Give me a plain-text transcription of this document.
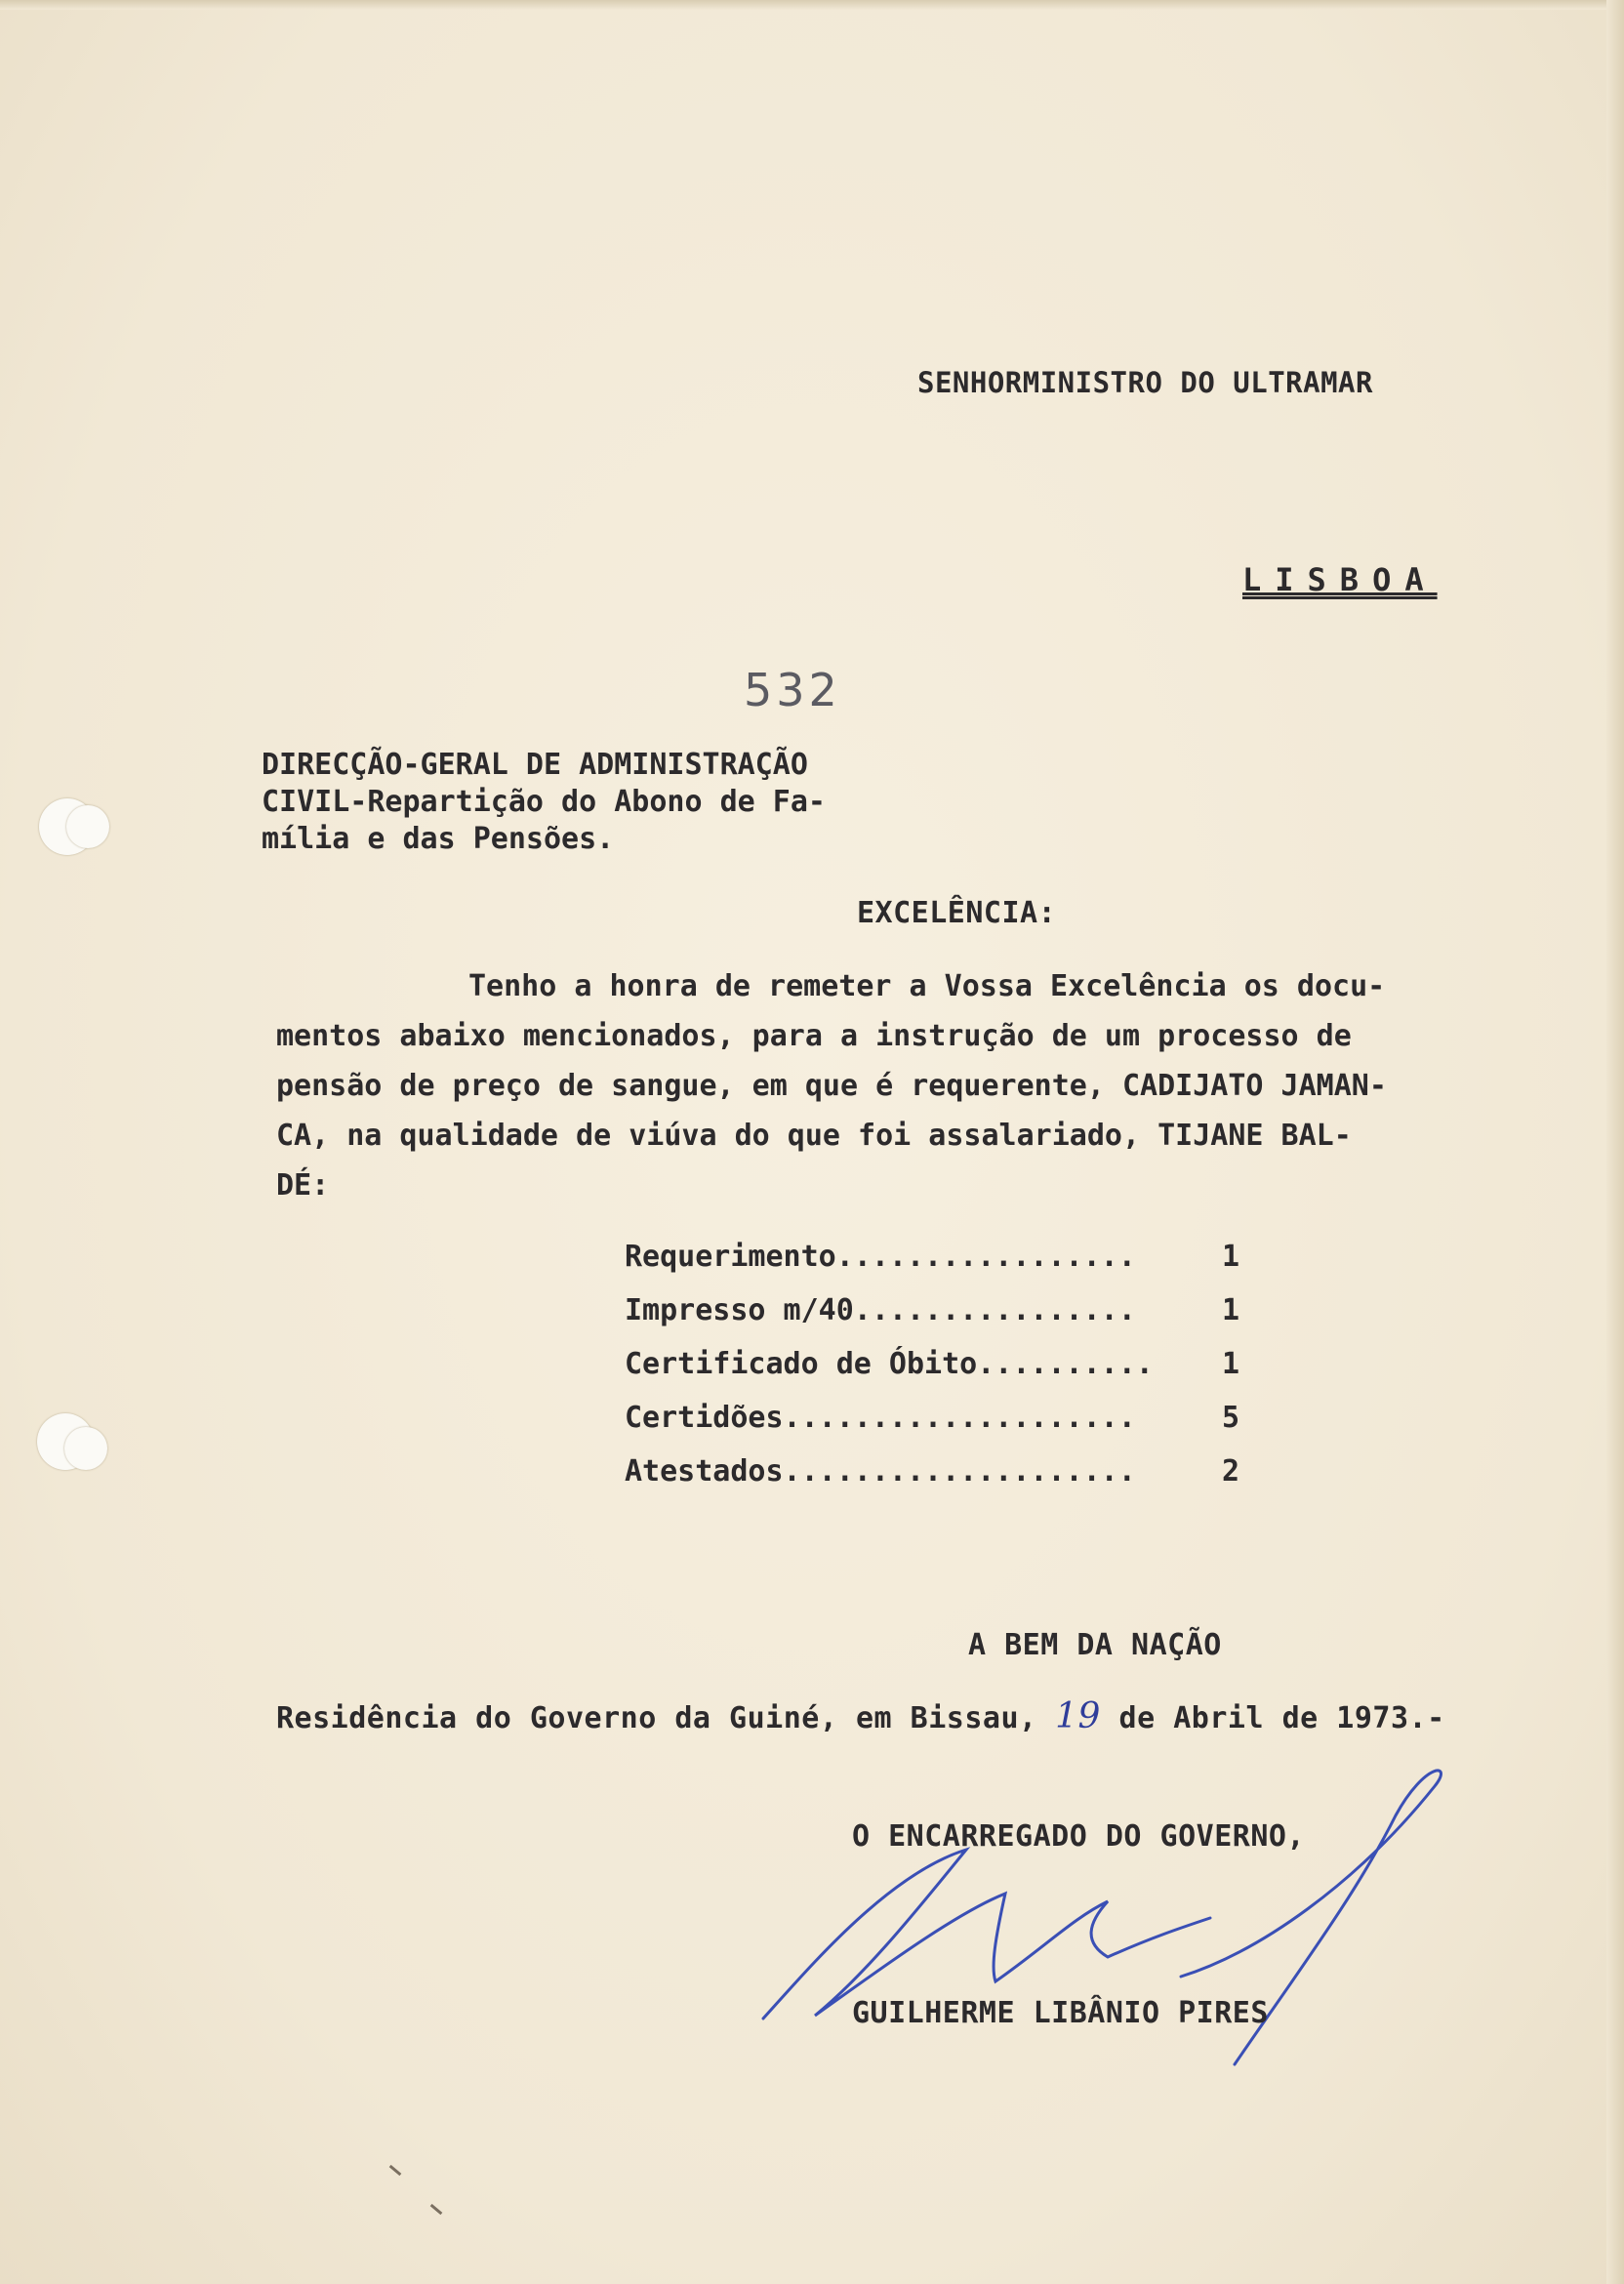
SENHORMINISTRO DO ULTRAMAR
LISBOA
532
DIRECÇÃO-GERAL DE ADMINISTRAÇÃO
CIVIL-Repartição do Abono de Fa-
mília e das Pensões.
EXCELÊNCIA:
Tenho a honra de remeter a Vossa Excelência os docu-
mentos abaixo mencionados, para a instrução de um processo de
pensão de preço de sangue, em que é requerente, CADIJATO JAMAN-
CA, na qualidade de viúva do que foi assalariado, TIJANE BAL-
DÉ:
Requerimento.................	1
Impresso m/40................	1
Certificado de Óbito.......... 1
Certidões....................	5
Atestados....................	2
A BEM DA NAÇÃO
Residência do Governo da Guiné, em Bissau, 19 de Abril de 1973.-
O ENCARREGADO DO GOVERNO,
GUILHERME LIBÂNIO PIRES
